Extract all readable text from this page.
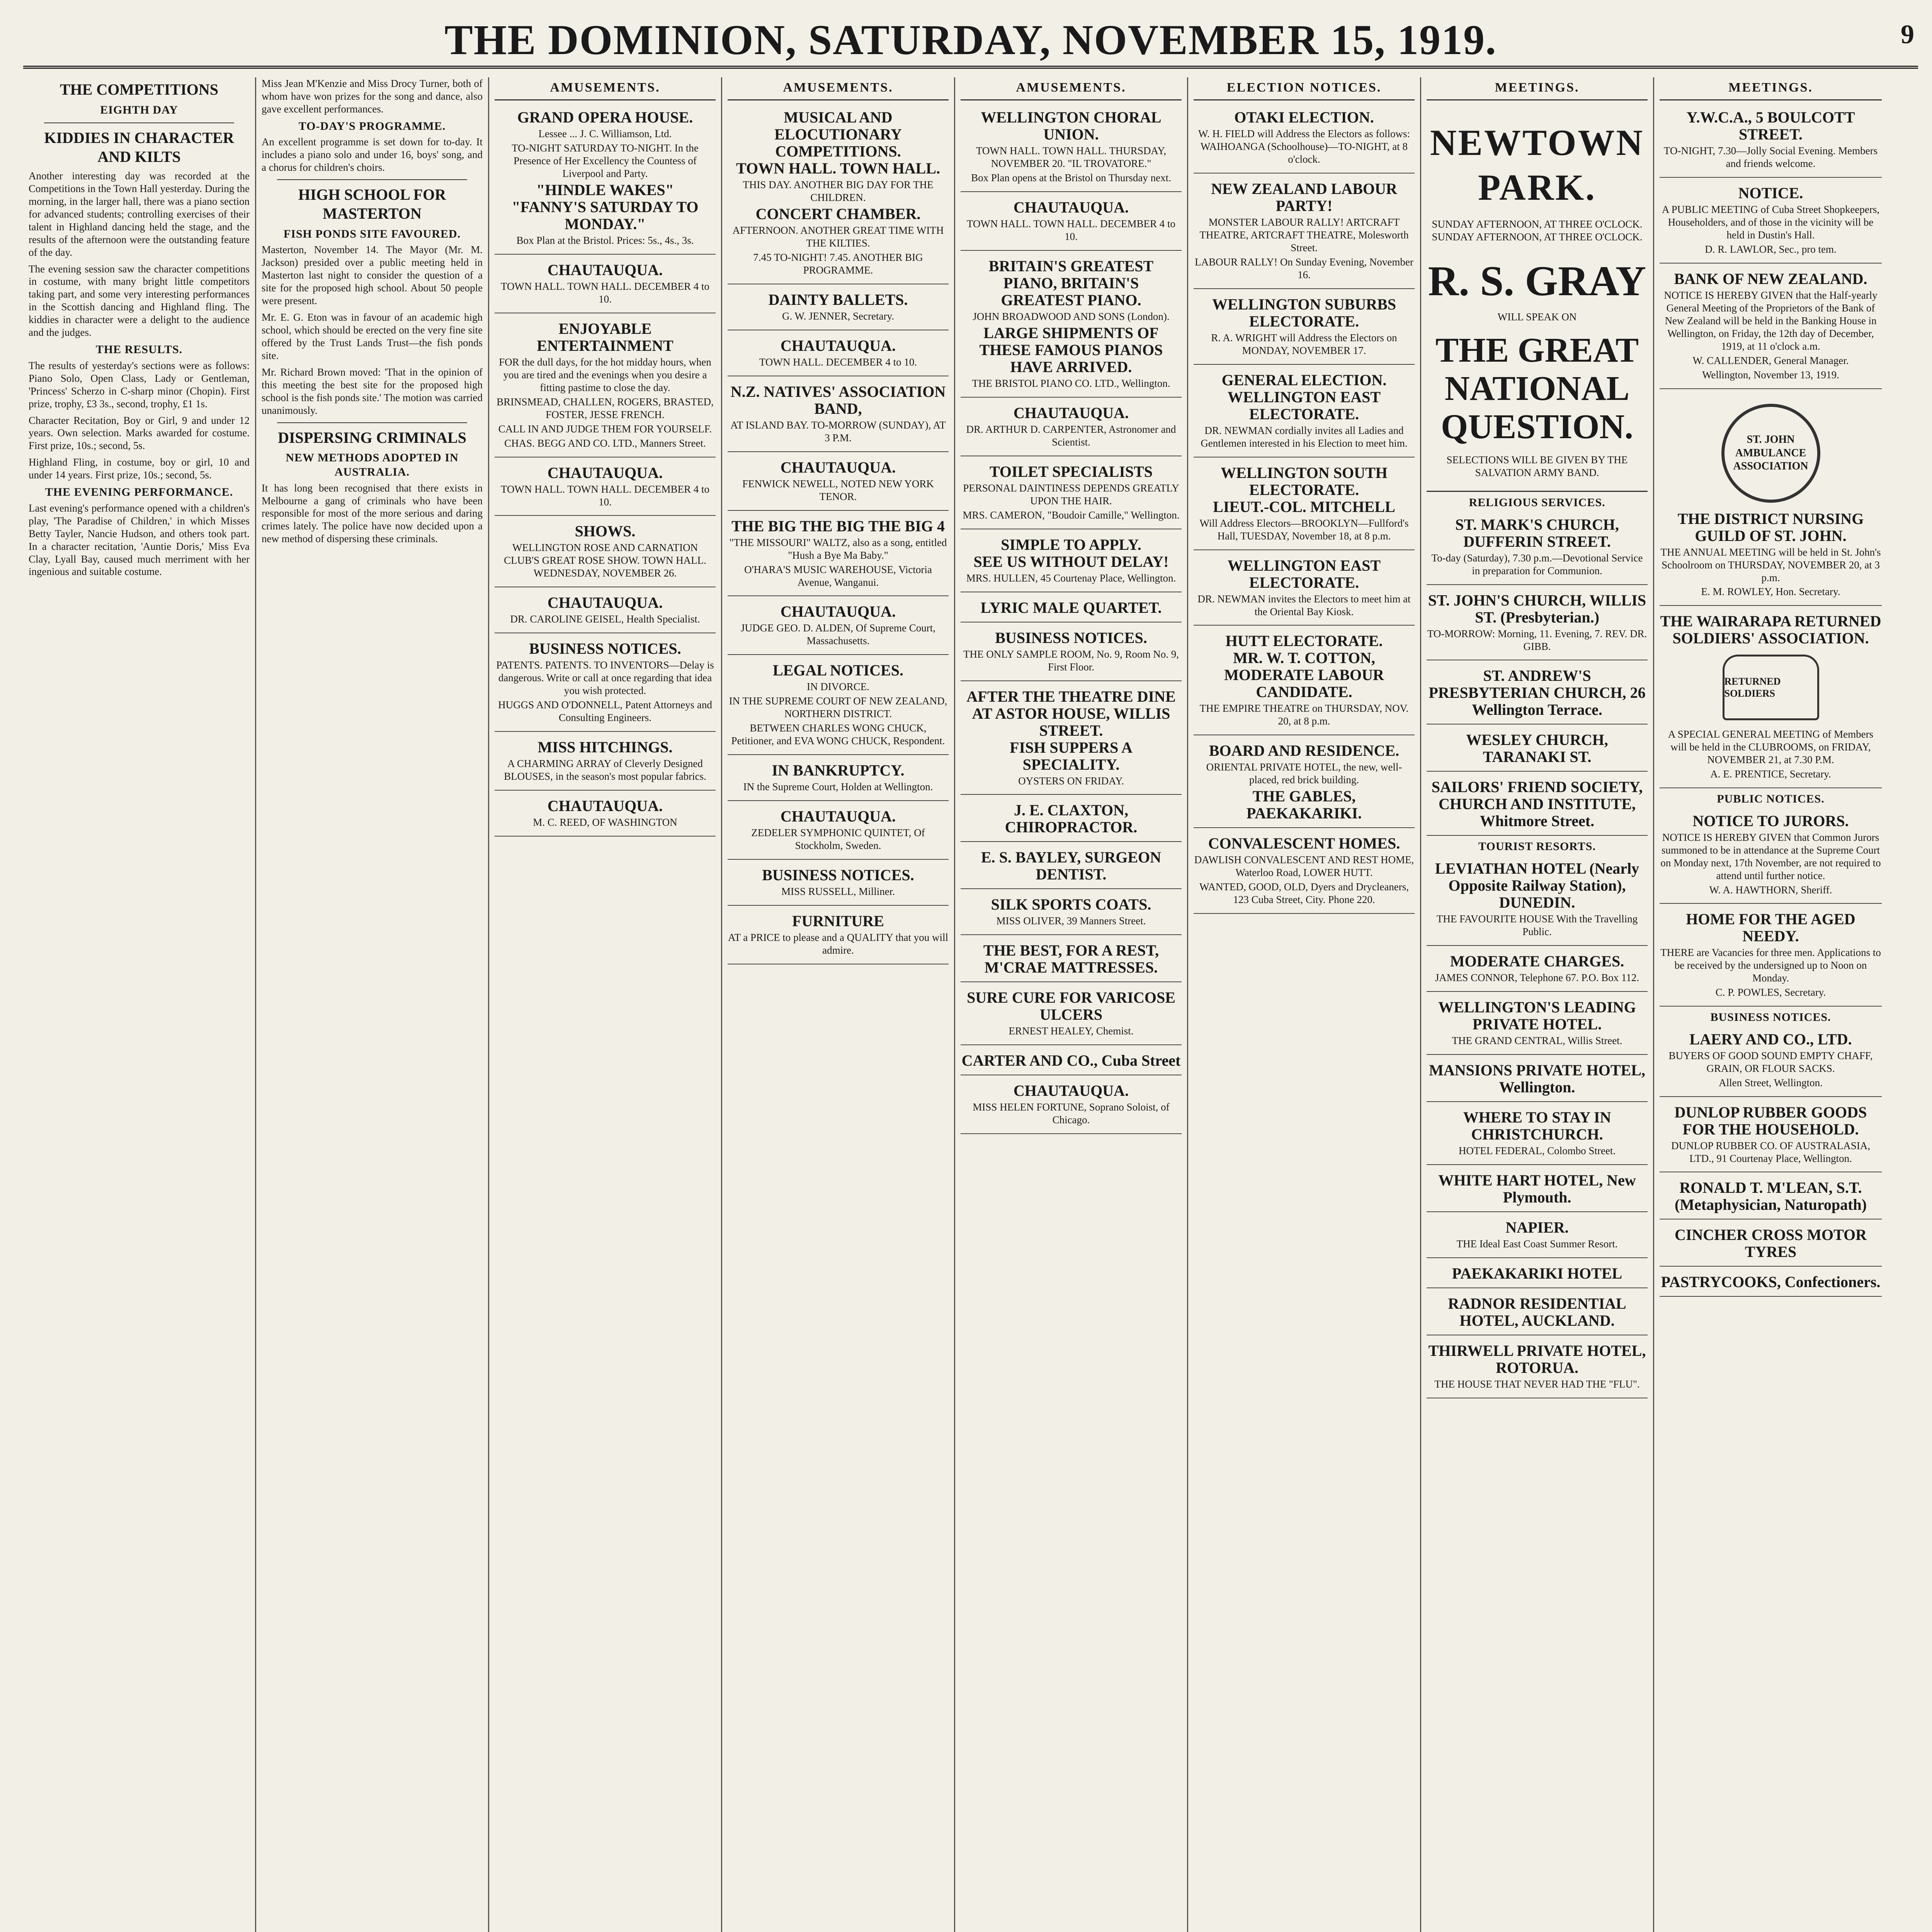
THE DOMINION, SATURDAY, NOVEMBER 15, 1919.	9
THE COMPETITIONS
EIGHTH DAY
KIDDIES IN CHARACTER AND KILTS

Another interesting day was recorded at the Competitions in the Town Hall yesterday. During the morning, in the larger hall, there was a piano section for advanced students; controlling exercises of their talent in Highland dancing held the stage, and the results of the afternoon were the outstanding feature of the day.

The evening session saw the character competitions in costume, with many bright little competitors taking part, and some very interesting performances in the Scottish dancing and Highland fling. The kiddies in character were a delight to the audience and the judges.

THE RESULTS.

The results of yesterday's sections were as follows: Piano Solo, Open Class, Lady or Gentleman, 'Princess' Scherzo in C-sharp minor (Chopin). First prize, trophy, £3 3s., second, trophy, £1 1s.

Character Recitation, Boy or Girl, 9 and under 12 years. Own selection. Marks awarded for costume. First prize, 10s.; second, 5s.

Highland Fling, in costume, boy or girl, 10 and under 14 years. First prize, 10s.; second, 5s.

THE EVENING PERFORMANCE.

Last evening's performance opened with a children's play, 'The Paradise of Children,' in which Misses Betty Tayler, Nancie Hudson, and others took part. In a character recitation, 'Auntie Doris,' Miss Eva Clay, Lyall Bay, caused much merriment with her ingenious and suitable costume.

Miss Jean M'Kenzie and Miss Drocy Turner, both of whom have won prizes for the song and dance, also gave excellent performances.

TO-DAY'S PROGRAMME.

An excellent programme is set down for to-day. It includes a piano solo and under 16, boys' song, and a chorus for children's choirs.

HIGH SCHOOL FOR MASTERTON
FISH PONDS SITE FAVOURED.

Masterton, November 14. The Mayor (Mr. M. Jackson) presided over a public meeting held in Masterton last night to consider the question of a site for the proposed high school. About 50 people were present.

Mr. E. G. Eton was in favour of an academic high school, which should be erected on the very fine site offered by the Trust Lands Trust—the fish ponds site.

Mr. Richard Brown moved: 'That in the opinion of this meeting the best site for the proposed high school is the fish ponds site.' The motion was carried unanimously.

DISPERSING CRIMINALS
NEW METHODS ADOPTED IN AUSTRALIA.

It has long been recognised that there exists in Melbourne a gang of criminals who have been responsible for most of the more serious and daring crimes lately. The police have now decided upon a new method of dispersing these criminals.

AMUSEMENTS.
GRAND OPERA HOUSE.
Lessee ... J. C. Williamson, Ltd.
TO-NIGHT SATURDAY TO-NIGHT. In the Presence of Her Excellency the Countess of Liverpool and Party.
"HINDLE WAKES"
"FANNY'S SATURDAY TO MONDAY."
Box Plan at the Bristol. Prices: 5s., 4s., 3s.
CHAUTAUQUA.
TOWN HALL. TOWN HALL. DECEMBER 4 to 10.
ENJOYABLE ENTERTAINMENT
FOR the dull days, for the hot midday hours, when you are tired and the evenings when you desire a fitting pastime to close the day.
BRINSMEAD, CHALLEN, ROGERS, BRASTED, FOSTER, JESSE FRENCH.
CALL IN AND JUDGE THEM FOR YOURSELF.
CHAS. BEGG AND CO. LTD., Manners Street.
CHAUTAUQUA.
TOWN HALL. TOWN HALL. DECEMBER 4 to 10.
SHOWS.
WELLINGTON ROSE AND CARNATION CLUB'S GREAT ROSE SHOW. TOWN HALL. WEDNESDAY, NOVEMBER 26.
CHAUTAUQUA.
DR. CAROLINE GEISEL, Health Specialist.
BUSINESS NOTICES.
PATENTS. PATENTS. TO INVENTORS—Delay is dangerous. Write or call at once regarding that idea you wish protected.
HUGGS AND O'DONNELL, Patent Attorneys and Consulting Engineers.
MISS HITCHINGS.
A CHARMING ARRAY of Cleverly Designed BLOUSES, in the season's most popular fabrics.
CHAUTAUQUA.
M. C. REED, OF WASHINGTON
AMUSEMENTS.
MUSICAL AND ELOCUTIONARY COMPETITIONS.
TOWN HALL. TOWN HALL.
THIS DAY. ANOTHER BIG DAY FOR THE CHILDREN.
CONCERT CHAMBER.
AFTERNOON. ANOTHER GREAT TIME WITH THE KILTIES.
7.45 TO-NIGHT! 7.45. ANOTHER BIG PROGRAMME.
DAINTY BALLETS.
G. W. JENNER, Secretary.
CHAUTAUQUA.
TOWN HALL. DECEMBER 4 to 10.
N.Z. NATIVES' ASSOCIATION BAND,
AT ISLAND BAY. TO-MORROW (SUNDAY), AT 3 P.M.
CHAUTAUQUA.
FENWICK NEWELL, NOTED NEW YORK TENOR.
THE BIG THE BIG THE BIG 4
"THE MISSOURI" WALTZ, also as a song, entitled "Hush a Bye Ma Baby."
O'HARA'S MUSIC WAREHOUSE, Victoria Avenue, Wanganui.
CHAUTAUQUA.
JUDGE GEO. D. ALDEN, Of Supreme Court, Massachusetts.
LEGAL NOTICES.
IN DIVORCE.
IN THE SUPREME COURT OF NEW ZEALAND, NORTHERN DISTRICT.
BETWEEN CHARLES WONG CHUCK, Petitioner, and EVA WONG CHUCK, Respondent.
IN BANKRUPTCY.
IN the Supreme Court, Holden at Wellington.
CHAUTAUQUA.
ZEDELER SYMPHONIC QUINTET, Of Stockholm, Sweden.
BUSINESS NOTICES.
MISS RUSSELL, Milliner.
FURNITURE
AT a PRICE to please and a QUALITY that you will admire.
AMUSEMENTS.
WELLINGTON CHORAL UNION.
TOWN HALL. TOWN HALL. THURSDAY, NOVEMBER 20. "IL TROVATORE."
Box Plan opens at the Bristol on Thursday next.
CHAUTAUQUA.
TOWN HALL. TOWN HALL. DECEMBER 4 to 10.
BRITAIN'S GREATEST PIANO, BRITAIN'S GREATEST PIANO.
JOHN BROADWOOD AND SONS (London).
LARGE SHIPMENTS OF THESE FAMOUS PIANOS HAVE ARRIVED.
THE BRISTOL PIANO CO. LTD., Wellington.
CHAUTAUQUA.
DR. ARTHUR D. CARPENTER, Astronomer and Scientist.
TOILET SPECIALISTS
PERSONAL DAINTINESS DEPENDS GREATLY UPON THE HAIR.
MRS. CAMERON, "Boudoir Camille," Wellington.
SIMPLE TO APPLY.
SEE US WITHOUT DELAY!
MRS. HULLEN, 45 Courtenay Place, Wellington.
LYRIC MALE QUARTET.
BUSINESS NOTICES.
THE ONLY SAMPLE ROOM, No. 9, Room No. 9, First Floor.
AFTER THE THEATRE DINE AT ASTOR HOUSE, WILLIS STREET.
FISH SUPPERS A SPECIALITY.
OYSTERS ON FRIDAY.
J. E. CLAXTON, CHIROPRACTOR.
E. S. BAYLEY, SURGEON DENTIST.
SILK SPORTS COATS.
MISS OLIVER, 39 Manners Street.
THE BEST, FOR A REST, M'CRAE MATTRESSES.
SURE CURE FOR VARICOSE ULCERS
ERNEST HEALEY, Chemist.
CARTER AND CO., Cuba Street
CHAUTAUQUA.
MISS HELEN FORTUNE, Soprano Soloist, of Chicago.
ELECTION NOTICES.
OTAKI ELECTION.
W. H. FIELD will Address the Electors as follows: WAIHOANGA (Schoolhouse)—TO-NIGHT, at 8 o'clock.
NEW ZEALAND LABOUR PARTY!
MONSTER LABOUR RALLY! ARTCRAFT THEATRE, ARTCRAFT THEATRE, Molesworth Street.
LABOUR RALLY! On Sunday Evening, November 16.
WELLINGTON SUBURBS ELECTORATE.
R. A. WRIGHT will Address the Electors on MONDAY, NOVEMBER 17.
GENERAL ELECTION.
WELLINGTON EAST ELECTORATE.
DR. NEWMAN cordially invites all Ladies and Gentlemen interested in his Election to meet him.
WELLINGTON SOUTH ELECTORATE.
LIEUT.-COL. MITCHELL
Will Address Electors—BROOKLYN—Fullford's Hall, TUESDAY, November 18, at 8 p.m.
WELLINGTON EAST ELECTORATE.
DR. NEWMAN invites the Electors to meet him at the Oriental Bay Kiosk.
HUTT ELECTORATE.
MR. W. T. COTTON, MODERATE LABOUR CANDIDATE.
THE EMPIRE THEATRE on THURSDAY, NOV. 20, at 8 p.m.
BOARD AND RESIDENCE.
ORIENTAL PRIVATE HOTEL, the new, well-placed, red brick building.
THE GABLES, PAEKAKARIKI.
CONVALESCENT HOMES.
DAWLISH CONVALESCENT AND REST HOME, Waterloo Road, LOWER HUTT.
WANTED, GOOD, OLD, Dyers and Drycleaners, 123 Cuba Street, City. Phone 220.
MEETINGS.
NEWTOWN PARK.
SUNDAY AFTERNOON, AT THREE O'CLOCK.
SUNDAY AFTERNOON, AT THREE O'CLOCK.
R. S. GRAY
WILL SPEAK ON
THE GREAT NATIONAL QUESTION.
SELECTIONS WILL BE GIVEN BY THE SALVATION ARMY BAND.
RELIGIOUS SERVICES.
ST. MARK'S CHURCH, DUFFERIN STREET.
To-day (Saturday), 7.30 p.m.—Devotional Service in preparation for Communion.
ST. JOHN'S CHURCH, WILLIS ST. (Presbyterian.)
TO-MORROW: Morning, 11. Evening, 7. REV. DR. GIBB.
ST. ANDREW'S PRESBYTERIAN CHURCH, 26 Wellington Terrace.
WESLEY CHURCH, TARANAKI ST.
SAILORS' FRIEND SOCIETY, CHURCH AND INSTITUTE, Whitmore Street.
TOURIST RESORTS.
LEVIATHAN HOTEL (Nearly Opposite Railway Station), DUNEDIN.
THE FAVOURITE HOUSE With the Travelling Public.
MODERATE CHARGES.
JAMES CONNOR, Telephone 67. P.O. Box 112.
WELLINGTON'S LEADING PRIVATE HOTEL.
THE GRAND CENTRAL, Willis Street.
MANSIONS PRIVATE HOTEL, Wellington.
WHERE TO STAY IN CHRISTCHURCH.
HOTEL FEDERAL, Colombo Street.
WHITE HART HOTEL, New Plymouth.
NAPIER.
THE Ideal East Coast Summer Resort.
PAEKAKARIKI HOTEL
RADNOR RESIDENTIAL HOTEL, AUCKLAND.
THIRWELL PRIVATE HOTEL, ROTORUA.
THE HOUSE THAT NEVER HAD THE "FLU".
MEETINGS.
Y.W.C.A., 5 BOULCOTT STREET.
TO-NIGHT, 7.30—Jolly Social Evening. Members and friends welcome.
NOTICE.
A PUBLIC MEETING of Cuba Street Shopkeepers, Householders, and of those in the vicinity will be held in Dustin's Hall.
D. R. LAWLOR, Sec., pro tem.
BANK OF NEW ZEALAND.
NOTICE IS HEREBY GIVEN that the Half-yearly General Meeting of the Proprietors of the Bank of New Zealand will be held in the Banking House in Wellington, on Friday, the 12th day of December, 1919, at 11 o'clock a.m.
W. CALLENDER, General Manager.
Wellington, November 13, 1919.
ST. JOHN AMBULANCE ASSOCIATION
THE DISTRICT NURSING GUILD OF ST. JOHN.
THE ANNUAL MEETING will be held in St. John's Schoolroom on THURSDAY, NOVEMBER 20, at 3 p.m.
E. M. ROWLEY, Hon. Secretary.
THE WAIRARAPA RETURNED SOLDIERS' ASSOCIATION.
RETURNED SOLDIERS
A SPECIAL GENERAL MEETING of Members will be held in the CLUBROOMS, on FRIDAY, NOVEMBER 21, at 7.30 P.M.
A. E. PRENTICE, Secretary.
PUBLIC NOTICES.
NOTICE TO JURORS.
NOTICE IS HEREBY GIVEN that Common Jurors summoned to be in attendance at the Supreme Court on Monday next, 17th November, are not required to attend until further notice.
W. A. HAWTHORN, Sheriff.
HOME FOR THE AGED NEEDY.
THERE are Vacancies for three men. Applications to be received by the undersigned up to Noon on Monday.
C. P. POWLES, Secretary.
BUSINESS NOTICES.
LAERY AND CO., LTD.
BUYERS OF GOOD SOUND EMPTY CHAFF, GRAIN, OR FLOUR SACKS.
Allen Street, Wellington.
DUNLOP RUBBER GOODS FOR THE HOUSEHOLD.
DUNLOP RUBBER CO. OF AUSTRALASIA, LTD., 91 Courtenay Place, Wellington.
RONALD T. M'LEAN, S.T. (Metaphysician, Naturopath)
CINCHER CROSS MOTOR TYRES
PASTRYCOOKS, Confectioners.
